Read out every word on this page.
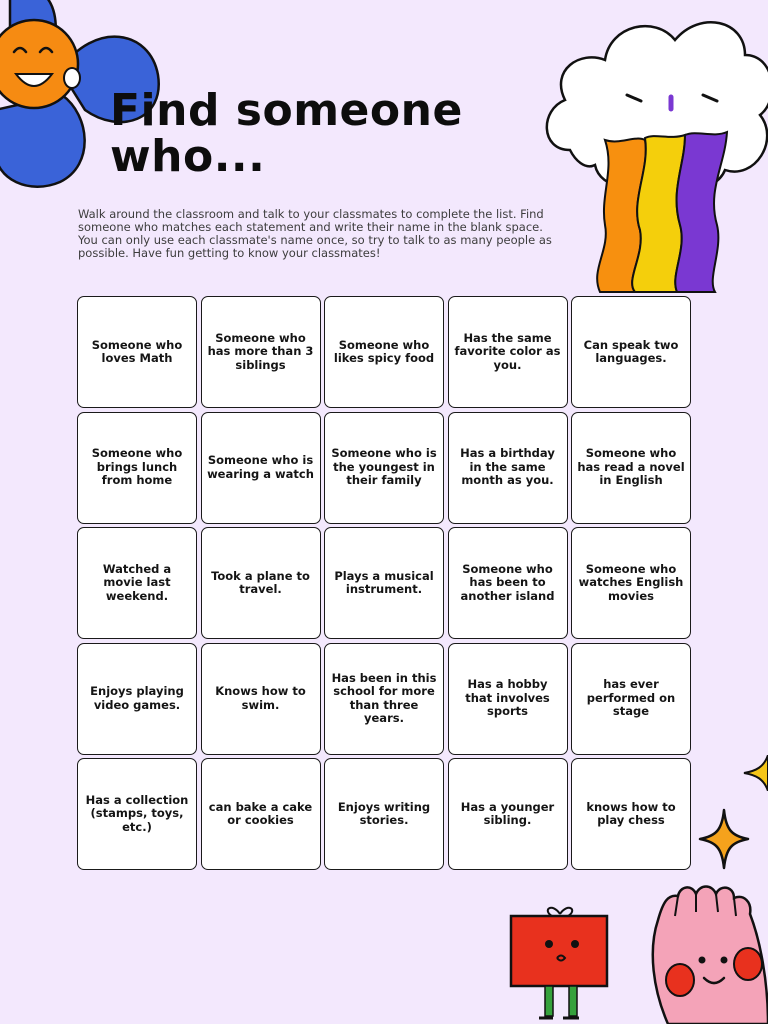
Find someone
who...
Walk around the classroom and talk to your classmates to complete the list. Find someone who matches each statement and write their name in the blank space. You can only use each classmate's name once, so try to talk to as many people as possible. Have fun getting to know your classmates!
Someone who loves Math
Someone who has more than 3 siblings
Someone who likes spicy food
Has the same favorite color as you.
Can speak two languages.
Someone who brings lunch from home
Someone who is wearing a watch
Someone who is the youngest in their family
Has a birthday in the same month as you.
Someone who has read a novel in English
Watched a movie last weekend.
Took a plane to travel.
Plays a musical instrument.
Someone who has been to another island
Someone who watches English movies
Enjoys playing video games.
Knows how to swim.
Has been in this school for more than three years.
Has a hobby that involves sports
has ever performed on stage
Has a collection (stamps, toys, etc.)
can bake a cake or cookies
Enjoys writing stories.
Has a younger sibling.
knows how to play chess
